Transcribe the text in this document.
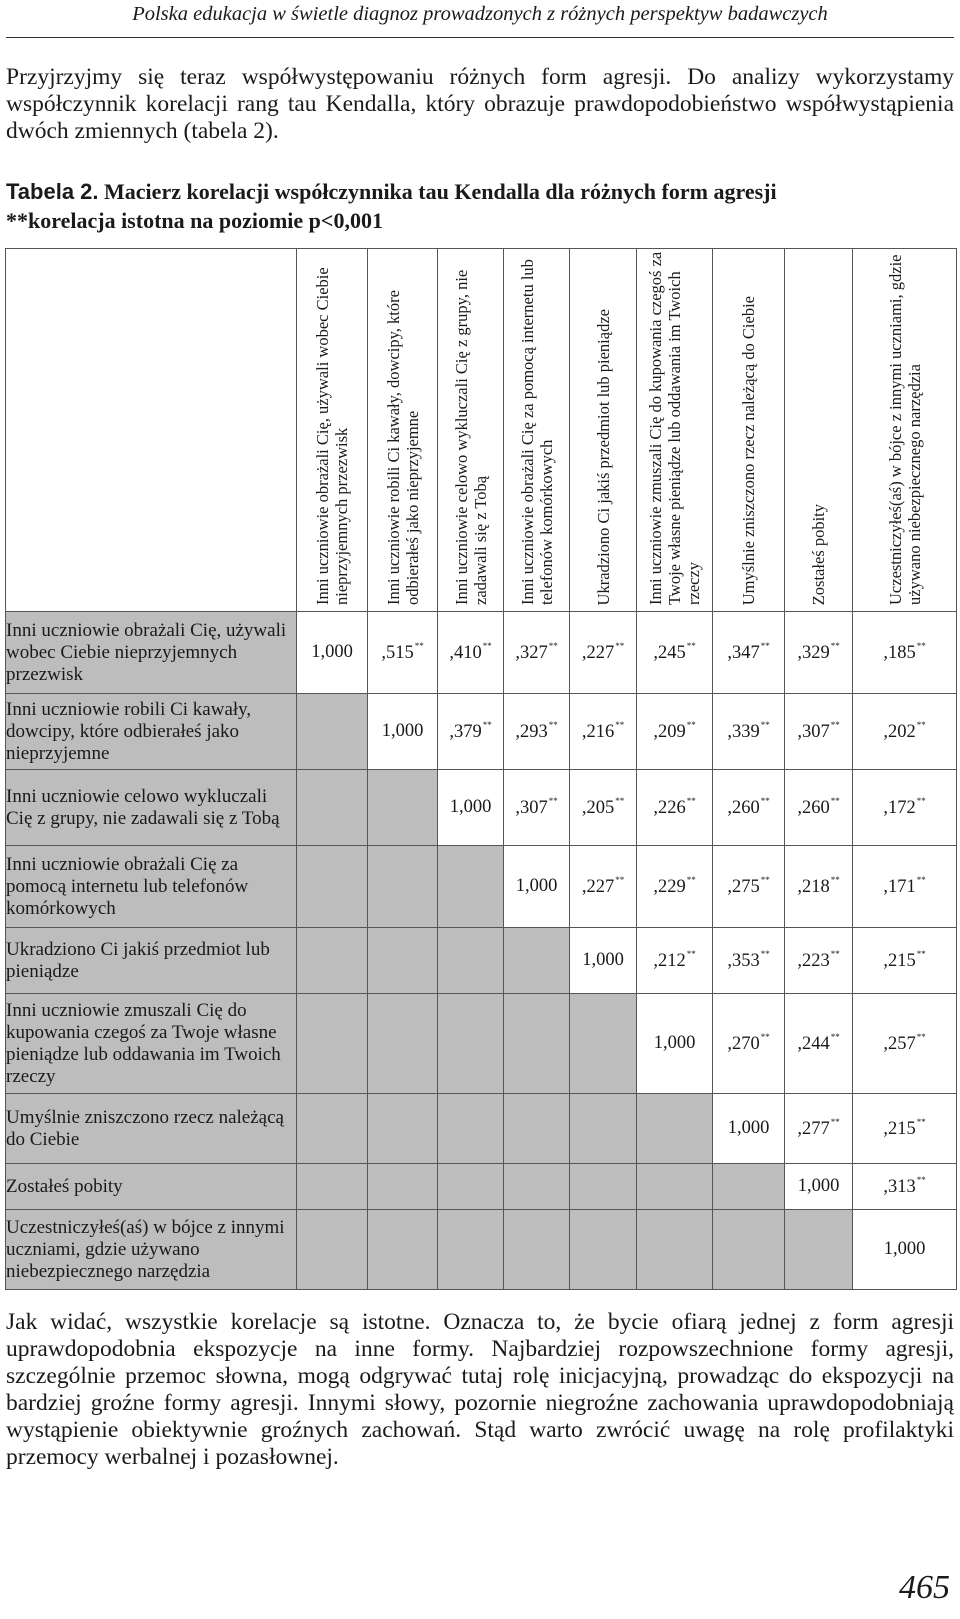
Polska edukacja w świetle diagnoz prowadzonych z różnych perspektyw badawczych

Przyjrzyjmy się teraz współwystępowaniu różnych form agresji. Do analizy wykorzystamy współczynnik korelacji rang tau Kendalla, który obrazuje prawdopodobieństwo współwystąpienia dwóch zmiennych (tabela 2).

Tabela 2. Macierz korelacji współczynnika tau Kendalla dla różnych form agresji
**korelacja istotna na poziomie p<0,001

	Inni uczniowie obrażali Cię, używali wobec Ciebie nieprzyjemnych przezwisk	Inni uczniowie robili Ci kawały, dowcipy, które odbierałeś jako nieprzyjemne	Inni uczniowie celowo wykluczali Cię z grupy, nie zadawali się z Tobą	Inni uczniowie obrażali Cię za pomocą internetu lub telefonów komórkowych	Ukradziono Ci jakiś przedmiot lub pieniądze	Inni uczniowie zmuszali Cię do kupowania czegoś za Twoje własne pieniądze lub oddawania im Twoich rzeczy	Umyślnie zniszczono rzecz należącą do Ciebie	Zostałeś pobity	Uczestniczyłeś(aś) w bójce z innymi uczniami, gdzie używano niebezpiecznego narzędzia

Inni uczniowie obrażali Cię, używali wobec Ciebie nieprzyjemnych przezwisk	1,000	,515**	,410**	,327**	,227**	,245**	,347**	,329**	,185**
Inni uczniowie robili Ci kawały, dowcipy, które odbierałeś jako nieprzyjemne		1,000	,379**	,293**	,216**	,209**	,339**	,307**	,202**
Inni uczniowie celowo wykluczali Cię z grupy, nie zadawali się z Tobą			1,000	,307**	,205**	,226**	,260**	,260**	,172**
Inni uczniowie obrażali Cię za pomocą internetu lub telefonów komórkowych				1,000	,227**	,229**	,275**	,218**	,171**
Ukradziono Ci jakiś przedmiot lub pieniądze					1,000	,212**	,353**	,223**	,215**
Inni uczniowie zmuszali Cię do kupowania czegoś za Twoje własne pieniądze lub oddawania im Twoich rzeczy						1,000	,270**	,244**	,257**
Umyślnie zniszczono rzecz należącą do Ciebie							1,000	,277**	,215**
Zostałeś pobity								1,000	,313**
Uczestniczyłeś(aś) w bójce z innymi uczniami, gdzie używano niebezpiecznego narzędzia									1,000

Jak widać, wszystkie korelacje są istotne. Oznacza to, że bycie ofiarą jednej z form agresji uprawdopodobnia ekspozycje na inne formy. Najbardziej rozpowszechnione formy agresji, szczególnie przemoc słowna, mogą odgrywać tutaj rolę inicjacyjną, prowadząc do ekspozycji na bardziej groźne formy agresji. Innymi słowy, pozornie niegroźne zachowania uprawdopodobniają wystąpienie obiektywnie groźnych zachowań. Stąd warto zwrócić uwagę na rolę profilaktyki przemocy werbalnej i pozasłownej.

465
